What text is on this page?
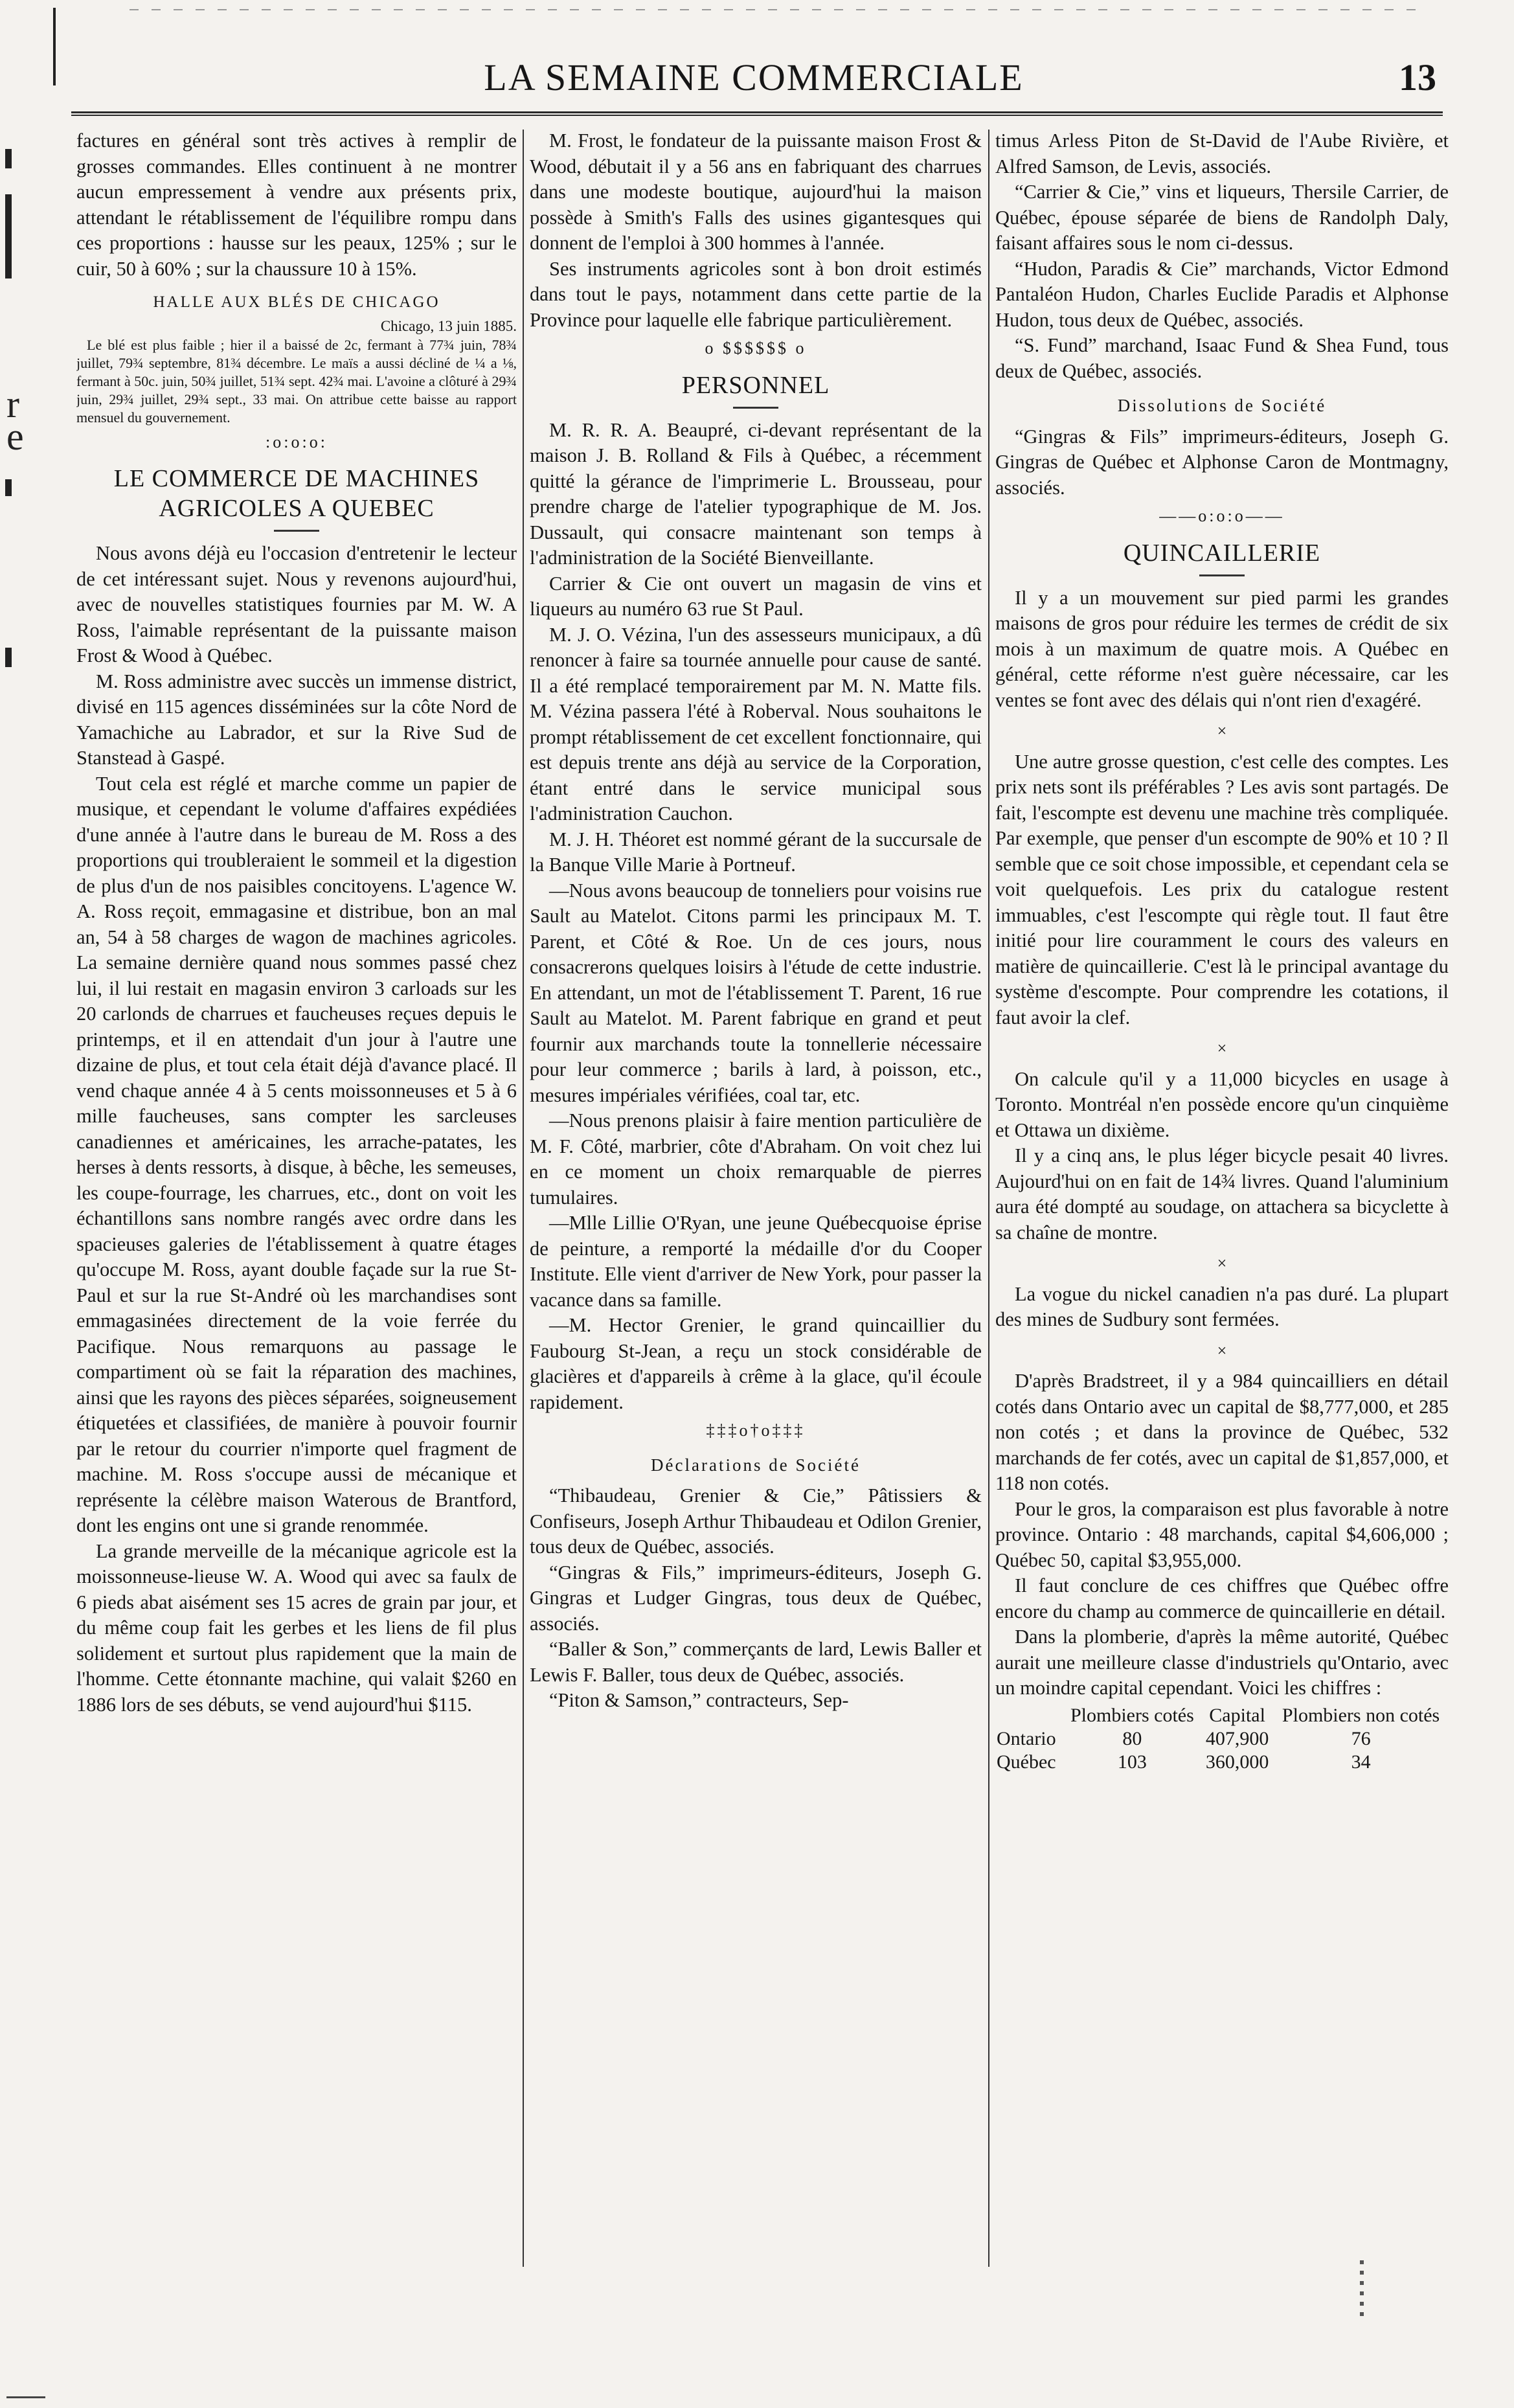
r
e
LA SEMAINE COMMERCIALE	13

factures en général sont très actives à remplir de grosses commandes. Elles continuent à ne montrer aucun empressement à vendre aux présents prix, attendant le rétablissement de l'équilibre rompu dans ces proportions : hausse sur les peaux, 125% ; sur le cuir, 50 à 60% ; sur la chaussure 10 à 15%.

HALLE AUX BLÉS DE CHICAGO
Chicago, 13 juin 1885.

Le blé est plus faible ; hier il a baissé de 2c, fermant à 77¾ juin, 78¾ juillet, 79¾ septembre, 81¾ décembre. Le maïs a aussi décliné de ¼ a ⅛, fermant à 50c. juin, 50¾ juillet, 51¾ sept. 42¾ mai. L'avoine a clôturé à 29¾ juin, 29¾ juillet, 29¾ sept., 33 mai. On attribue cette baisse au rapport mensuel du gouvernement.

:o:o:o:
LE COMMERCE DE MACHINES AGRICOLES A QUEBEC

Nous avons déjà eu l'occasion d'entretenir le lecteur de cet intéressant sujet. Nous y revenons aujourd'hui, avec de nouvelles statistiques fournies par M. W. A Ross, l'aimable représentant de la puissante maison Frost & Wood à Québec.

M. Ross administre avec succès un immense district, divisé en 115 agences disséminées sur la côte Nord de Yamachiche au Labrador, et sur la Rive Sud de Stanstead à Gaspé.

Tout cela est réglé et marche comme un papier de musique, et cependant le volume d'affaires expédiées d'une année à l'autre dans le bureau de M. Ross a des proportions qui troubleraient le sommeil et la digestion de plus d'un de nos paisibles concitoyens. L'agence W. A. Ross reçoit, emmagasine et distribue, bon an mal an, 54 à 58 charges de wagon de machines agricoles. La semaine dernière quand nous sommes passé chez lui, il lui restait en magasin environ 3 carloads sur les 20 carlonds de charrues et faucheuses reçues depuis le printemps, et il en attendait d'un jour à l'autre une dizaine de plus, et tout cela était déjà d'avance placé. Il vend chaque année 4 à 5 cents moissonneuses et 5 à 6 mille faucheuses, sans compter les sarcleuses canadiennes et américaines, les arrache-patates, les herses à dents ressorts, à disque, à bêche, les semeuses, les coupe-fourrage, les charrues, etc., dont on voit les échantillons sans nombre rangés avec ordre dans les spacieuses galeries de l'établissement à quatre étages qu'occupe M. Ross, ayant double façade sur la rue St-Paul et sur la rue St-André où les marchandises sont emmagasinées directement de la voie ferrée du Pacifique. Nous remarquons au passage le compartiment où se fait la réparation des machines, ainsi que les rayons des pièces séparées, soigneusement étiquetées et classifiées, de manière à pouvoir fournir par le retour du courrier n'importe quel fragment de machine. M. Ross s'occupe aussi de mécanique et représente la célèbre maison Waterous de Brantford, dont les engins ont une si grande renommée.

La grande merveille de la mécanique agricole est la moissonneuse-lieuse W. A. Wood qui avec sa faulx de 6 pieds abat aisément ses 15 acres de grain par jour, et du même coup fait les gerbes et les liens de fil plus solidement et surtout plus rapidement que la main de l'homme. Cette étonnante machine, qui valait $260 en 1886 lors de ses débuts, se vend aujourd'hui $115.

M. Frost, le fondateur de la puissante maison Frost & Wood, débutait il y a 56 ans en fabriquant des charrues dans une modeste boutique, aujourd'hui la maison possède à Smith's Falls des usines gigantesques qui donnent de l'emploi à 300 hommes à l'année.

Ses instruments agricoles sont à bon droit estimés dans tout le pays, notamment dans cette partie de la Province pour laquelle elle fabrique particulièrement.

o $$$$$$ o
PERSONNEL

M. R. R. A. Beaupré, ci-devant représentant de la maison J. B. Rolland & Fils à Québec, a récemment quitté la gérance de l'imprimerie L. Brousseau, pour prendre charge de l'atelier typographique de M. Jos. Dussault, qui consacre maintenant son temps à l'administration de la Société Bienveillante.

Carrier & Cie ont ouvert un magasin de vins et liqueurs au numéro 63 rue St Paul.

M. J. O. Vézina, l'un des assesseurs municipaux, a dû renoncer à faire sa tournée annuelle pour cause de santé. Il a été remplacé temporairement par M. N. Matte fils. M. Vézina passera l'été à Roberval. Nous souhaitons le prompt rétablissement de cet excellent fonctionnaire, qui est depuis trente ans déjà au service de la Corporation, étant entré dans le service municipal sous l'administration Cauchon.

M. J. H. Théoret est nommé gérant de la succursale de la Banque Ville Marie à Portneuf.

—Nous avons beaucoup de tonneliers pour voisins rue Sault au Matelot. Citons parmi les principaux M. T. Parent, et Côté & Roe. Un de ces jours, nous consacrerons quelques loisirs à l'étude de cette industrie. En attendant, un mot de l'établissement T. Parent, 16 rue Sault au Matelot. M. Parent fabrique en grand et peut fournir aux marchands toute la tonnellerie nécessaire pour leur commerce ; barils à lard, à poisson, etc., mesures impériales vérifiées, coal tar, etc.

—Nous prenons plaisir à faire mention particulière de M. F. Côté, marbrier, côte d'Abraham. On voit chez lui en ce moment un choix remarquable de pierres tumulaires.

—Mlle Lillie O'Ryan, une jeune Québecquoise éprise de peinture, a remporté la médaille d'or du Cooper Institute. Elle vient d'arriver de New York, pour passer la vacance dans sa famille.

—M. Hector Grenier, le grand quincaillier du Faubourg St-Jean, a reçu un stock considérable de glacières et d'appareils à crême à la glace, qu'il écoule rapidement.

‡‡‡o†o‡‡‡
Déclarations de Société

“Thibaudeau, Grenier & Cie,” Pâtissiers & Confiseurs, Joseph Arthur Thibaudeau et Odilon Grenier, tous deux de Québec, associés.

“Gingras & Fils,” imprimeurs-éditeurs, Joseph G. Gingras et Ludger Gingras, tous deux de Québec, associés.

“Baller & Son,” commerçants de lard, Lewis Baller et Lewis F. Baller, tous deux de Québec, associés.

“Piton & Samson,” contracteurs, Sep-

timus Arless Piton de St-David de l'Aube Rivière, et Alfred Samson, de Levis, associés.

“Carrier & Cie,” vins et liqueurs, Thersile Carrier, de Québec, épouse séparée de biens de Randolph Daly, faisant affaires sous le nom ci-dessus.

“Hudon, Paradis & Cie” marchands, Victor Edmond Pantaléon Hudon, Charles Euclide Paradis et Alphonse Hudon, tous deux de Québec, associés.

“S. Fund” marchand, Isaac Fund & Shea Fund, tous deux de Québec, associés.

Dissolutions de Société

“Gingras & Fils” imprimeurs-éditeurs, Joseph G. Gingras de Québec et Alphonse Caron de Montmagny, associés.

——o:o:o——
QUINCAILLERIE

Il y a un mouvement sur pied parmi les grandes maisons de gros pour réduire les termes de crédit de six mois à un maximum de quatre mois. A Québec en général, cette réforme n'est guère nécessaire, car les ventes se font avec des délais qui n'ont rien d'exagéré.

×

Une autre grosse question, c'est celle des comptes. Les prix nets sont ils préférables ? Les avis sont partagés. De fait, l'escompte est devenu une machine très compliquée. Par exemple, que penser d'un escompte de 90% et 10 ? Il semble que ce soit chose impossible, et cependant cela se voit quelquefois. Les prix du catalogue restent immuables, c'est l'escompte qui règle tout. Il faut être initié pour lire couramment le cours des valeurs en matière de quincaillerie. C'est là le principal avantage du système d'escompte. Pour comprendre les cotations, il faut avoir la clef.

×

On calcule qu'il y a 11,000 bicycles en usage à Toronto. Montréal n'en possède encore qu'un cinquième et Ottawa un dixième.

Il y a cinq ans, le plus léger bicycle pesait 40 livres. Aujourd'hui on en fait de 14¾ livres. Quand l'aluminium aura été dompté au soudage, on attachera sa bicyclette à sa chaîne de montre.

×

La vogue du nickel canadien n'a pas duré. La plupart des mines de Sudbury sont fermées.

×

D'après Bradstreet, il y a 984 quincailliers en détail cotés dans Ontario avec un capital de $8,777,000, et 285 non cotés ; et dans la province de Québec, 532 marchands de fer cotés, avec un capital de $1,857,000, et 118 non cotés.

Pour le gros, la comparaison est plus favorable à notre province. Ontario : 48 marchands, capital $4,606,000 ; Québec 50, capital $3,955,000.

Il faut conclure de ces chiffres que Québec offre encore du champ au commerce de quincaillerie en détail.

Dans la plomberie, d'après la même autorité, Québec aurait une meilleure classe d'industriels qu'Ontario, avec un moindre capital cependant. Voici les chiffres :

	Plombiers cotés	Capital	Plombiers non cotés
Ontario	80	407,900	76
Québec	103	360,000	34
